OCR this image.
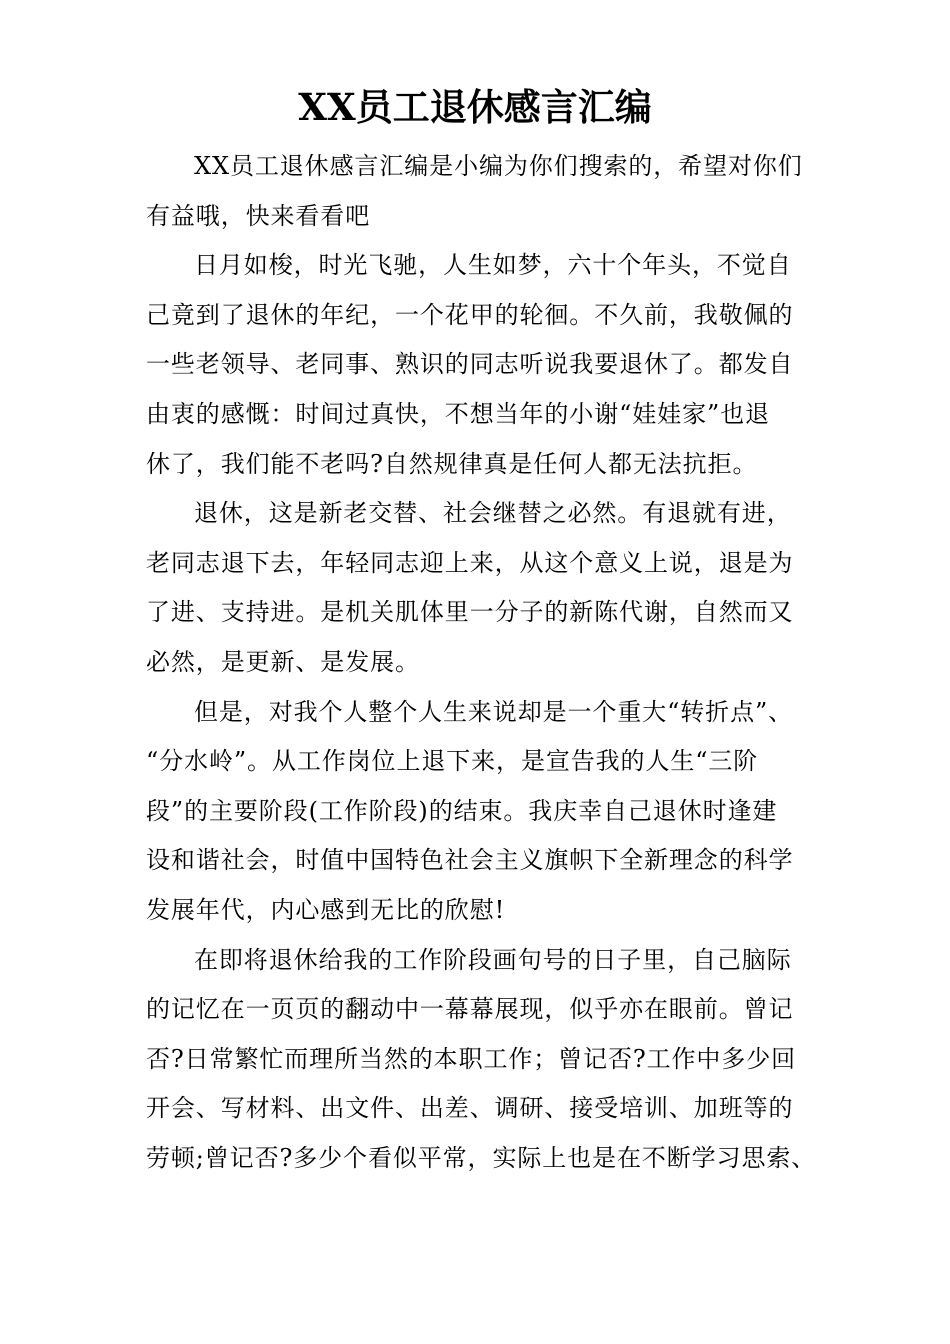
XX员工退休感言汇编
XX员工退休感言汇编是小编为你们搜索的，希望对你们
有益哦，快来看看吧
日月如梭，时光飞驰，人生如梦，六十个年头，不觉自
己竟到了退休的年纪，一个花甲的轮徊。不久前，我敬佩的
一些老领导、老同事、熟识的同志听说我要退休了。都发自
由衷的感慨：时间过真快，不想当年的小谢“娃娃家”也退
休了，我们能不老吗?自然规律真是任何人都无法抗拒。
退休，这是新老交替、社会继替之必然。有退就有进，
老同志退下去，年轻同志迎上来，从这个意义上说，退是为
了进、支持进。是机关肌体里一分子的新陈代谢，自然而又
必然，是更新、是发展。
但是，对我个人整个人生来说却是一个重大“转折点”、
“分水岭”。从工作岗位上退下来，是宣告我的人生“三阶
段”的主要阶段(工作阶段)的结束。我庆幸自己退休时逢建
设和谐社会，时值中国特色社会主义旗帜下全新理念的科学
发展年代，内心感到无比的欣慰!
在即将退休给我的工作阶段画句号的日子里，自己脑际
的记忆在一页页的翻动中一幕幕展现，似乎亦在眼前。曾记
否?日常繁忙而理所当然的本职工作；曾记否?工作中多少回
开会、写材料、出文件、出差、调研、接受培训、加班等的
劳顿;曾记否?多少个看似平常，实际上也是在不断学习思索、
